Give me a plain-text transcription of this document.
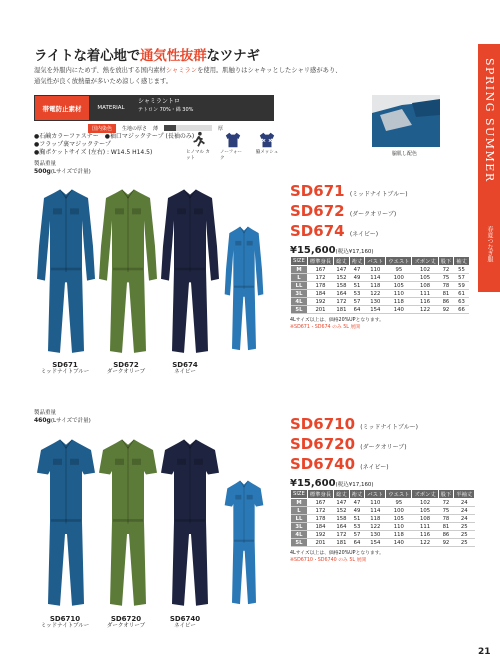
ライトな着心地で通気性抜群なツナギ
湿気を外服内にためず、熱を放出する国内素材シャミランを使用。肌触りはシャキッとしたシャリ感があり、
通気性が良く放熱量が多いため涼しく感じます。	SPRING SUMMER
春夏つなぎ服
帯電防止素材	MATERIAL
シャミラントロ
テトロン 70%・綿 30%
国内染色	生地の厚さ 薄	厚
●石鹸カラーファスナー　●袖口マジックテープ (長袖のみ)
●フラップ裏マジックテープ
●胸ポケットサイズ (左右) : W14.5 H14.5)	ヒノマル カット
ノーフォーク
脇メッシュ
製品重量
500g(Lサイズで計量)
脇肌し配色
SD671
ミッドナイトブルー
SD672
ダークオリーブ
SD674
ネイビー
SD671 (ミッドナイトブルー)
SD672 (ダークオリーブ)
SD674 (ネイビー)
¥15,600(税込¥17,160)
SIZE	標準身長	総丈	裄丈	バスト	ウエスト	ズボン丈	股下	袖丈
M	167	147	47	110	95	102	72	55
L	172	152	49	114	100	105	75	57
LL	178	158	51	118	105	108	78	59
3L	184	164	53	122	110	111	81	61
4L	192	172	57	130	118	116	86	63
5L	201	181	64	154	140	122	92	66
4Lサイズ以上は、価格20%UPとなります。
※SD671・SD674 のみ 5L 展開
製品重量
460g(Lサイズで計量)
SD6710
ミッドナイトブルー
SD6720
ダークオリーブ
SD6740
ネイビー
SD6710 (ミッドナイトブルー)
SD6720 (ダークオリーブ)
SD6740 (ネイビー)
¥15,600(税込¥17,160)
SIZE	標準身長	総丈	裄丈	バスト	ウエスト	ズボン丈	股下	半袖丈
M	167	147	47	110	95	102	72	24
L	172	152	49	114	100	105	75	24
LL	178	158	51	118	105	108	78	24
3L	184	164	53	122	110	111	81	25
4L	192	172	57	130	118	116	86	25
5L	201	181	64	154	140	122	92	25
4Lサイズ以上は、価格20%UPとなります。
※SD6710・SD6740 のみ 5L 展開
21
